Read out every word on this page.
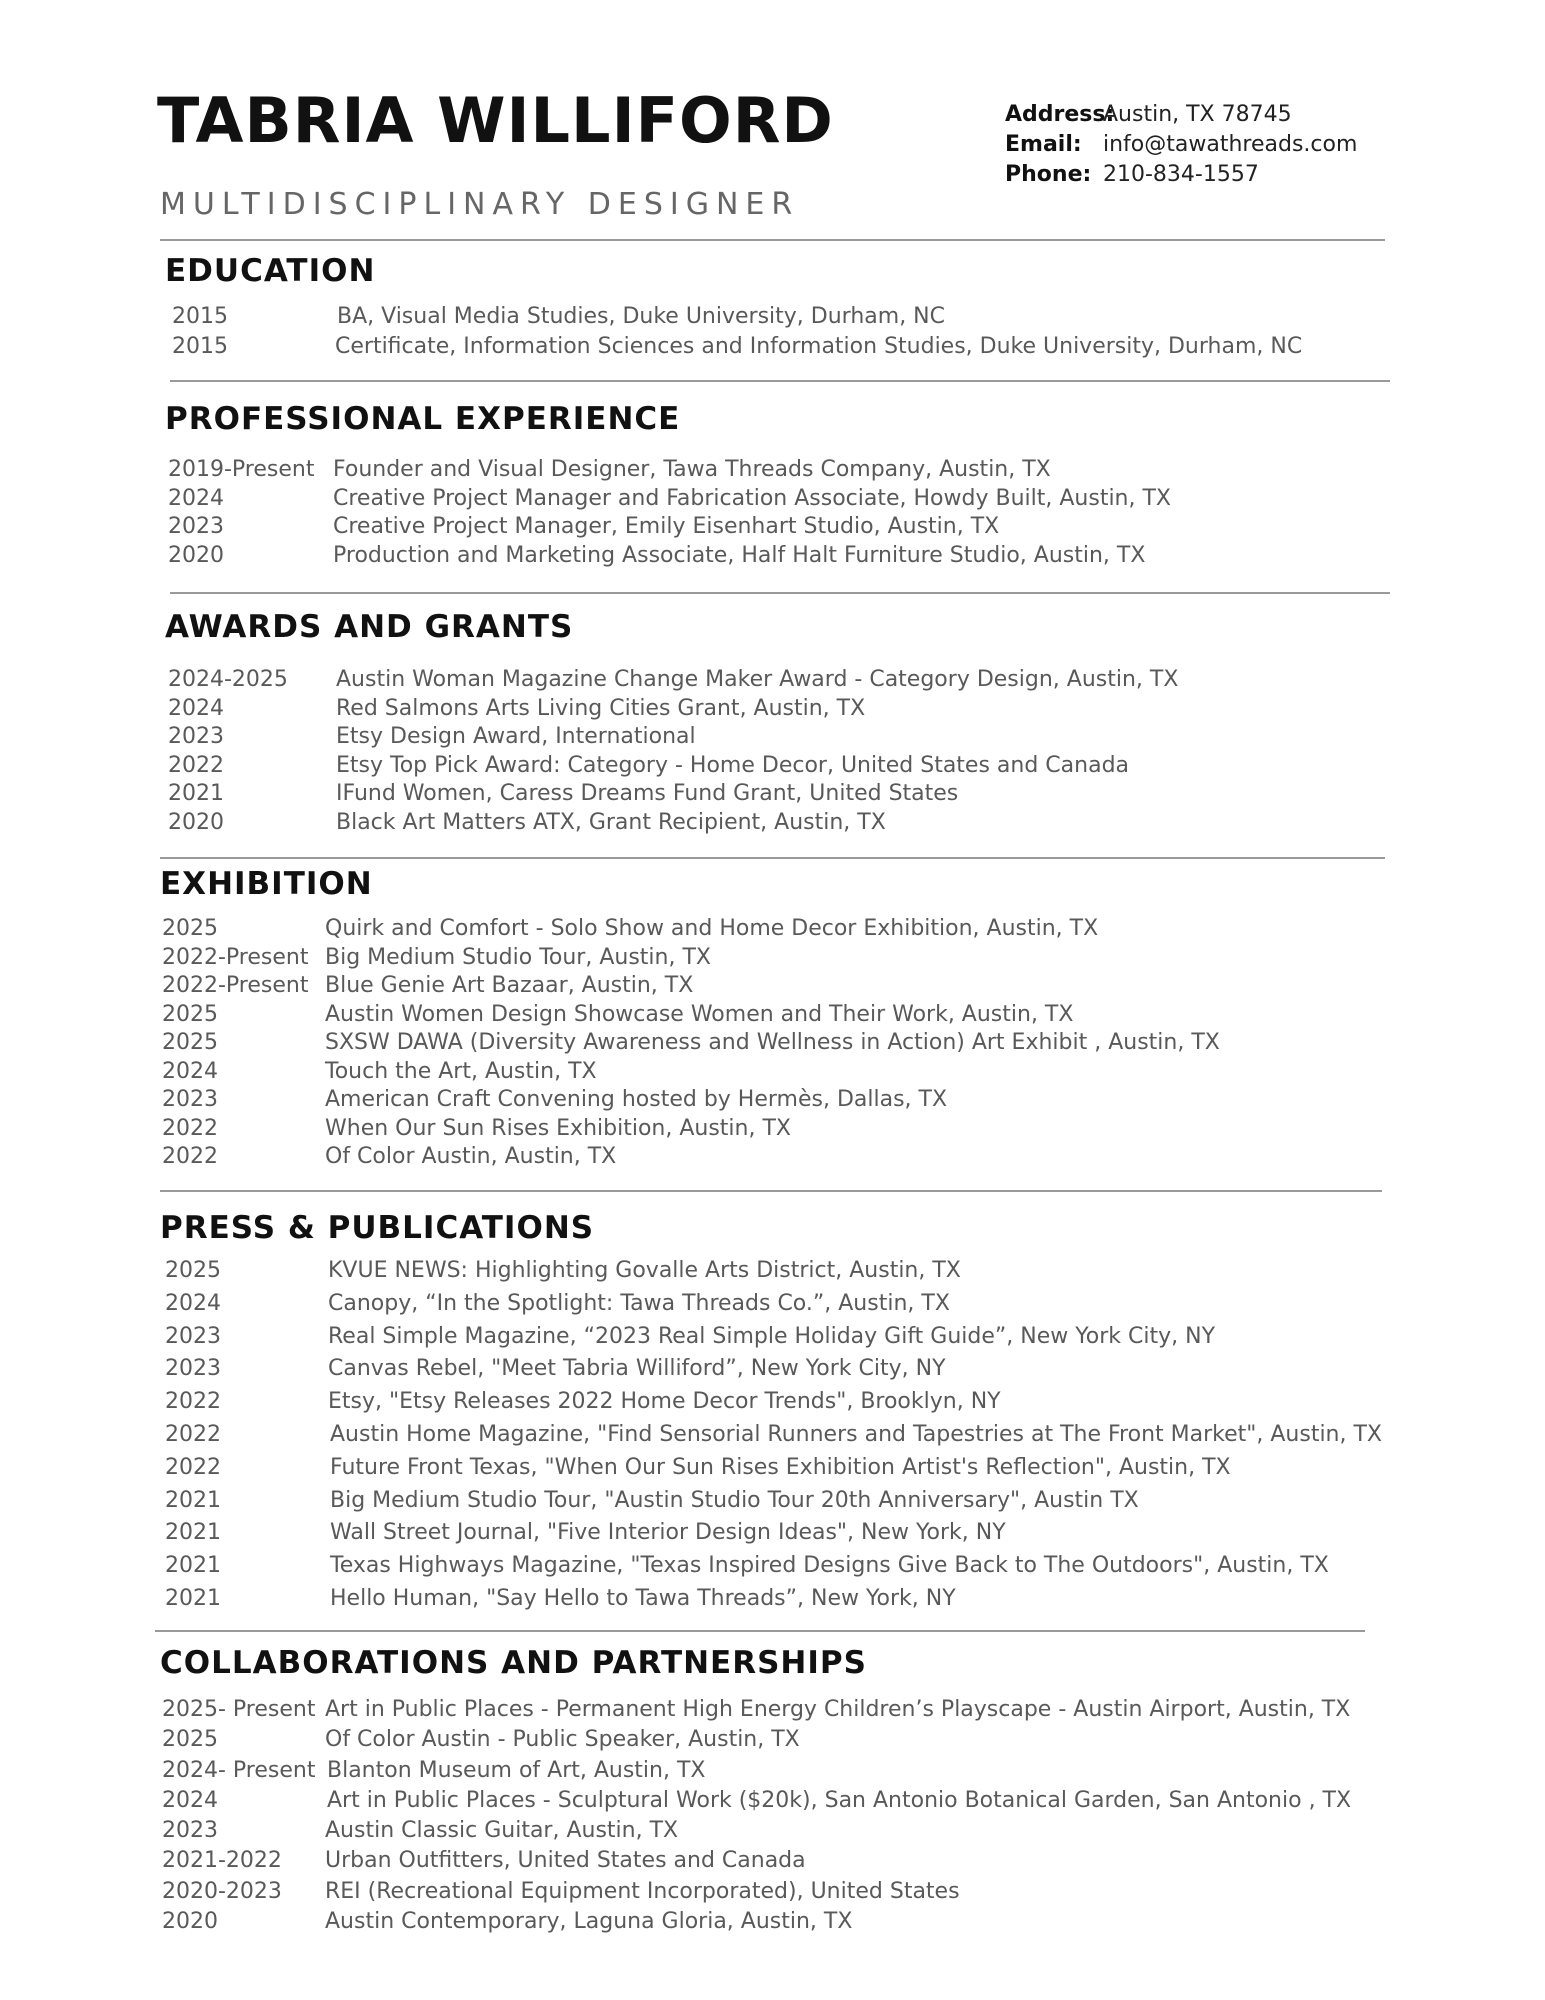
TABRIA WILLIFORD
MULTIDISCIPLINARY DESIGNER
Address:Austin, TX 78745
Email: info@tawathreads.com
Phone: 210-834-1557
EDUCATION
2015	BA, Visual Media Studies, Duke University, Durham, NC
2015	Certificate, Information Sciences and Information Studies, Duke University, Durham, NC
PROFESSIONAL EXPERIENCE
2019-Present Founder and Visual Designer, Tawa Threads Company, Austin, TX
2024	Creative Project Manager and Fabrication Associate, Howdy Built, Austin, TX
2023	Creative Project Manager, Emily Eisenhart Studio, Austin, TX
2020	Production and Marketing Associate, Half Halt Furniture Studio, Austin, TX
AWARDS AND GRANTS
2024-2025	Austin Woman Magazine Change Maker Award - Category Design, Austin, TX
2024	Red Salmons Arts Living Cities Grant, Austin, TX
2023	Etsy Design Award, International
2022	Etsy Top Pick Award: Category - Home Decor, United States and Canada
2021	IFund Women, Caress Dreams Fund Grant, United States
2020	Black Art Matters ATX, Grant Recipient, Austin, TX
EXHIBITION
2025	Quirk and Comfort - Solo Show and Home Decor Exhibition, Austin, TX
2022-Present Big Medium Studio Tour, Austin, TX
2022-Present Blue Genie Art Bazaar, Austin, TX
2025	Austin Women Design Showcase Women and Their Work, Austin, TX
2025	SXSW DAWA (Diversity Awareness and Wellness in Action) Art Exhibit , Austin, TX
2024	Touch the Art, Austin, TX
2023	American Craft Convening hosted by Hermès, Dallas, TX
2022	When Our Sun Rises Exhibition, Austin, TX
2022	Of Color Austin, Austin, TX
PRESS & PUBLICATIONS
2025	KVUE NEWS: Highlighting Govalle Arts District, Austin, TX
2024	Canopy, “In the Spotlight: Tawa Threads Co.”, Austin, TX
2023	Real Simple Magazine, “2023 Real Simple Holiday Gift Guide”, New York City, NY
2023	Canvas Rebel, "Meet Tabria Williford”, New York City, NY
2022	Etsy, "Etsy Releases 2022 Home Decor Trends", Brooklyn, NY
2022	Austin Home Magazine, "Find Sensorial Runners and Tapestries at The Front Market", Austin, TX
2022	Future Front Texas, "When Our Sun Rises Exhibition Artist's Reflection", Austin, TX
2021	Big Medium Studio Tour, "Austin Studio Tour 20th Anniversary", Austin TX
2021	Wall Street Journal, "Five Interior Design Ideas", New York, NY
2021	Texas Highways Magazine, "Texas Inspired Designs Give Back to The Outdoors", Austin, TX
2021	Hello Human, "Say Hello to Tawa Threads”, New York, NY
COLLABORATIONS AND PARTNERSHIPS
2025- Present Art in Public Places - Permanent High Energy Children’s Playscape - Austin Airport, Austin, TX
2025	Of Color Austin - Public Speaker, Austin, TX
2024- Present Blanton Museum of Art, Austin, TX
2024	Art in Public Places - Sculptural Work ($20k), San Antonio Botanical Garden, San Antonio , TX
2023	Austin Classic Guitar, Austin, TX
2021-2022	Urban Outfitters, United States and Canada
2020-2023	REI (Recreational Equipment Incorporated), United States
2020	Austin Contemporary, Laguna Gloria, Austin, TX
